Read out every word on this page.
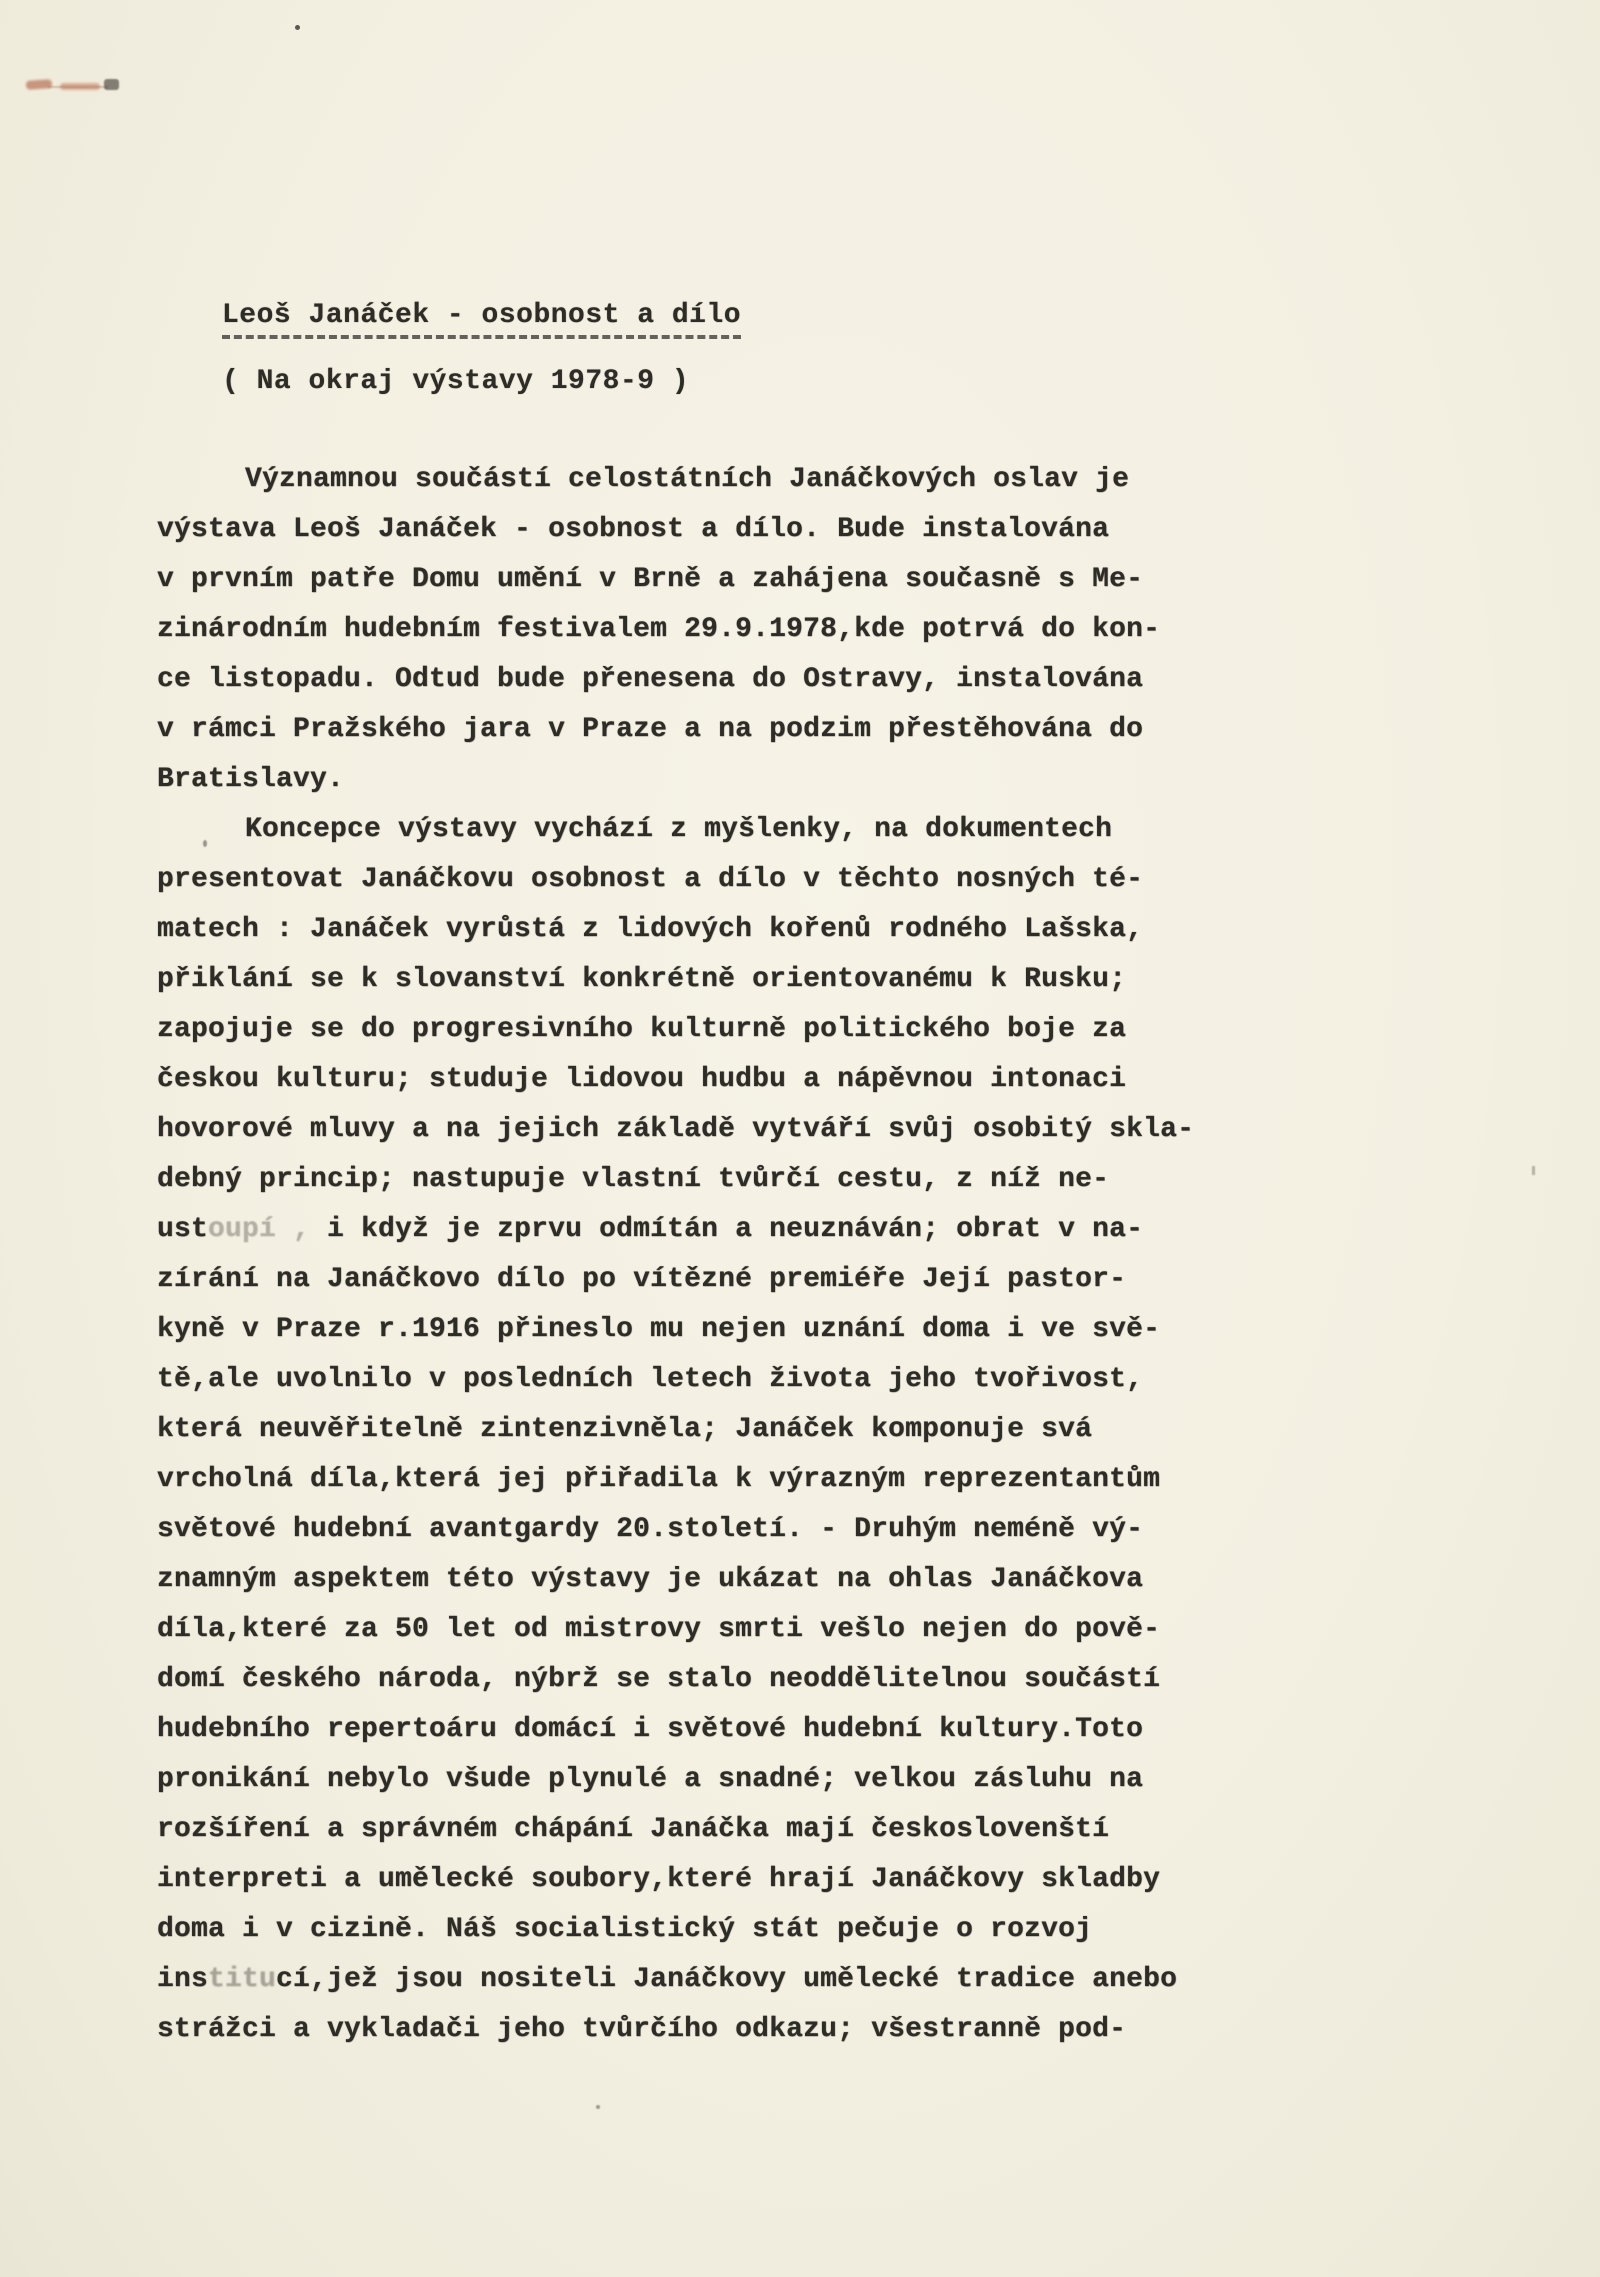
Leoš Janáček - osobnost a dílo
( Na okraj výstavy 1978-9 )
Významnou součástí celostátních Janáčkových oslav je
výstava Leoš Janáček - osobnost a dílo. Bude instalována
v prvním patře Domu umění v Brně a zahájena současně s Me-
zinárodním hudebním festivalem 29.9.1978,kde potrvá do kon-
ce listopadu. Odtud bude přenesena do Ostravy, instalována
v rámci Pražského jara v Praze a na podzim přestěhována do
Bratislavy.
Koncepce výstavy vychází z myšlenky, na dokumentech
presentovat Janáčkovu osobnost a dílo v těchto nosných té-
matech : Janáček vyrůstá z lidových kořenů rodného Lašska,
přiklání se k slovanství konkrétně orientovanému k Rusku;
zapojuje se do progresivního kulturně politického boje za
českou kulturu; studuje lidovou hudbu a nápěvnou intonaci
hovorové mluvy a na jejich základě vytváří svůj osobitý skla-
debný princip; nastupuje vlastní tvůrčí cestu, z níž ne-
ustoupí , i když je zprvu odmítán a neuznáván; obrat v na-
zírání na Janáčkovo dílo po vítězné premiéře Její pastor-
kyně v Praze r.1916 přineslo mu nejen uznání doma i ve svě-
tě,ale uvolnilo v posledních letech života jeho tvořivost,
která neuvěřitelně zintenzivněla; Janáček komponuje svá
vrcholná díla,která jej přiřadila k výrazným reprezentantům
světové hudební avantgardy 20.století. - Druhým neméně vý-
znamným aspektem této výstavy je ukázat na ohlas Janáčkova
díla,které za 50 let od mistrovy smrti vešlo nejen do pově-
domí českého národa, nýbrž se stalo neoddělitelnou součástí
hudebního repertoáru domácí i světové hudební kultury.Toto
pronikání nebylo všude plynulé a snadné; velkou zásluhu na
rozšíření a správném chápání Janáčka mají českoslovenští
interpreti a umělecké soubory,které hrají Janáčkovy skladby
doma i v cizině. Náš socialistický stát pečuje o rozvoj
institucí,jež jsou nositeli Janáčkovy umělecké tradice anebo
strážci a vykladači jeho tvůrčího odkazu; všestranně pod-
